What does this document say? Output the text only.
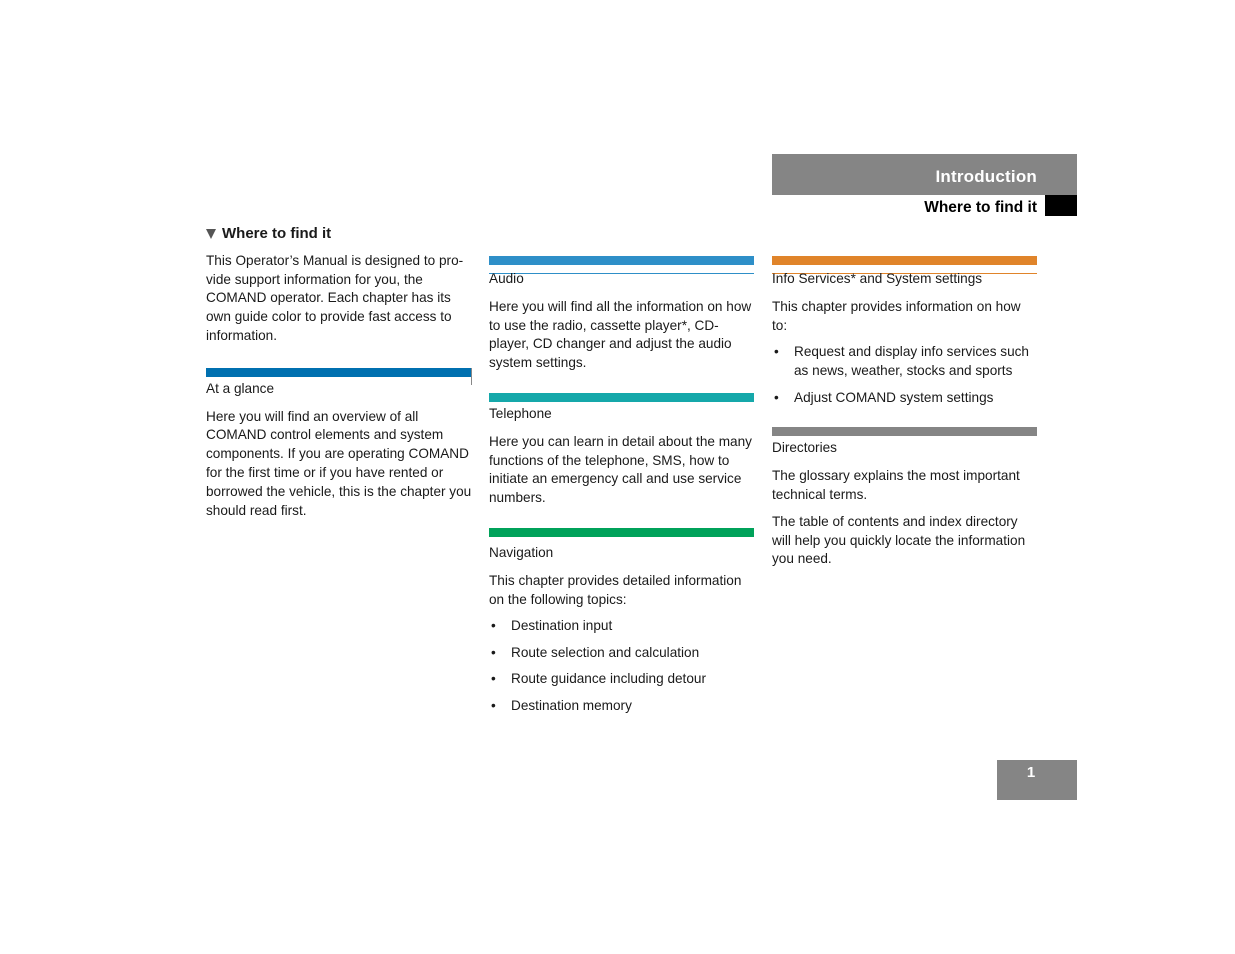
Introduction
Where to find it
Where to find it

This Operator’s Manual is designed to pro-vide support information for you, the COMAND operator. Each chapter has its own guide color to provide fast access to information.

At a glance

Here you will find an overview of all COMAND control elements and system components. If you are operating COMAND for the first time or if you have rented or borrowed the vehicle, this is the chapter you should read first.

Audio

Here you will find all the information on how to use the radio, cassette player*, CD-player, CD changer and adjust the audio system settings.

Telephone

Here you can learn in detail about the many functions of the telephone, SMS, how to initiate an emergency call and use service numbers.

Navigation

This chapter provides detailed information on the following topics:

• Destination input
• Route selection and calculation
• Route guidance including detour
• Destination memory
Info Services* and System settings

This chapter provides information on how to:

• Request and display info services such as news, weather, stocks and sports
• Adjust COMAND system settings
Directories

The glossary explains the most important technical terms.

The table of contents and index directory will help you quickly locate the information you need.

1
